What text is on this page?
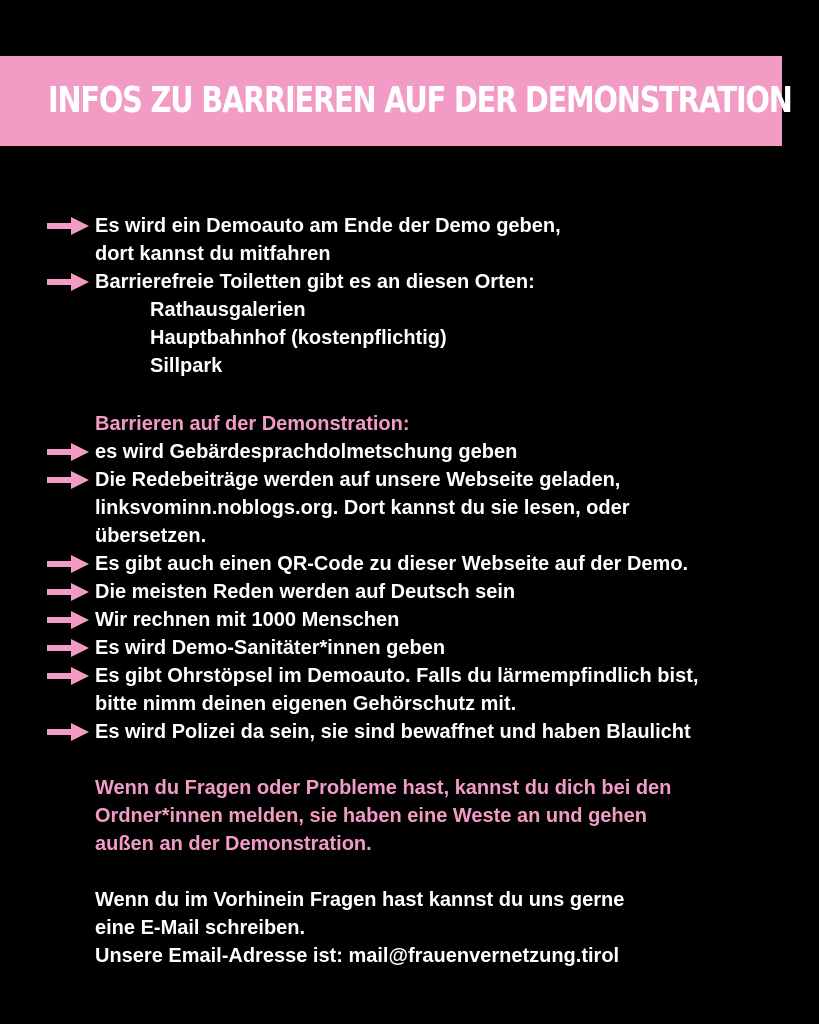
INFOS ZU BARRIEREN AUF DER DEMONSTRATION
Es wird ein Demoauto am Ende der Demo geben,
dort kannst du mitfahren
Barrierefreie Toiletten gibt es an diesen Orten:
Rathausgalerien
Hauptbahnhof (kostenpflichtig)
Sillpark
Barrieren auf der Demonstration:
es wird Gebärdesprachdolmetschung geben
Die Redebeiträge werden auf unsere Webseite geladen,
linksvominn.noblogs.org. Dort kannst du sie lesen, oder
übersetzen.
Es gibt auch einen QR-Code zu dieser Webseite auf der Demo.
Die meisten Reden werden auf Deutsch sein
Wir rechnen mit 1000 Menschen
Es wird Demo-Sanitäter*innen geben
Es gibt Ohrstöpsel im Demoauto. Falls du lärmempfindlich bist,
bitte nimm deinen eigenen Gehörschutz mit.
Es wird Polizei da sein, sie sind bewaffnet und haben Blaulicht
Wenn du Fragen oder Probleme hast, kannst du dich bei den
Ordner*innen melden, sie haben eine Weste an und gehen
außen an der Demonstration.
Wenn du im Vorhinein Fragen hast kannst du uns gerne
eine E-Mail schreiben.
Unsere Email-Adresse ist: mail@frauenvernetzung.tirol
